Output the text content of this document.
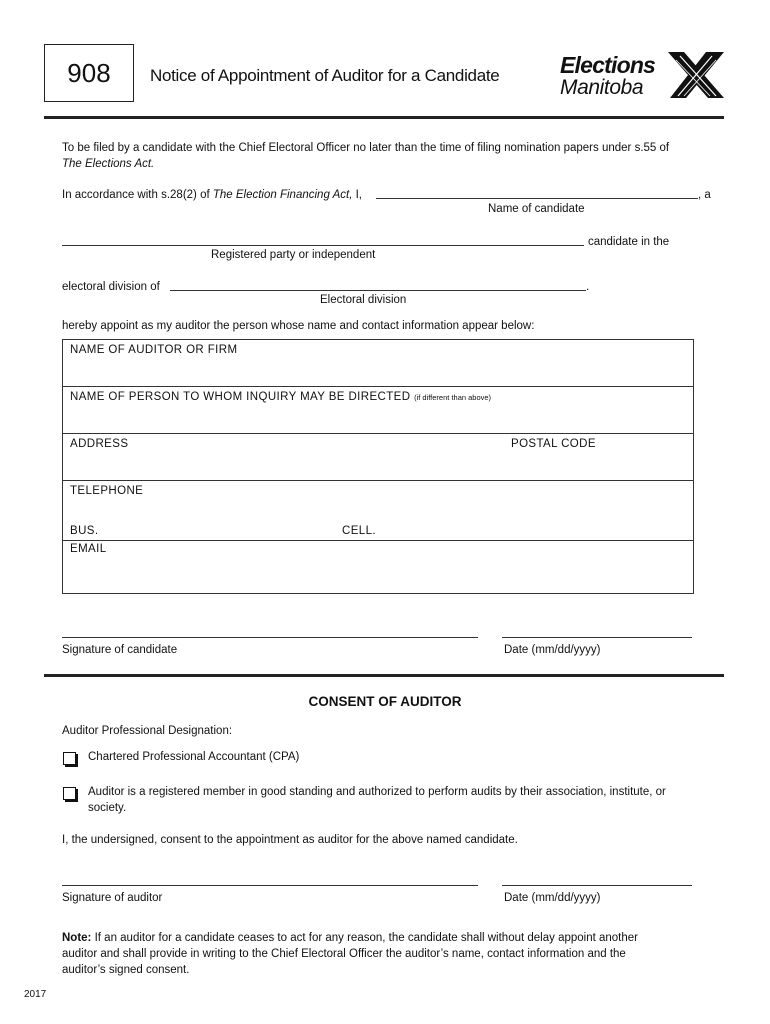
908	Notice of Appointment of Auditor for a Candidate	Elections
Manitoba
To be filed by a candidate with the Chief Electoral Officer no later than the time of filing nomination papers under s.55 of
The Elections Act.
In accordance with s.28(2) of The Election Financing Act, I,	, a
Name of candidate
candidate in the
Registered party or independent
electoral division of	.
Electoral division
hereby appoint as my auditor the person whose name and contact information appear below:
NAME OF AUDITOR OR FIRM
NAME OF PERSON TO WHOM INQUIRY MAY BE DIRECTED (if different than above)
ADDRESS	POSTAL CODE
TELEPHONE
BUS.	CELL.
EMAIL
Signature of candidate	Date (mm/dd/yyyy)
CONSENT OF AUDITOR
Auditor Professional Designation:
Chartered Professional Accountant (CPA)
Auditor is a registered member in good standing and authorized to perform audits by their association, institute, or
society.
I, the undersigned, consent to the appointment as auditor for the above named candidate.
Signature of auditor	Date (mm/dd/yyyy)
Note: If an auditor for a candidate ceases to act for any reason, the candidate shall without delay appoint another
auditor and shall provide in writing to the Chief Electoral Officer the auditor’s name, contact information and the
auditor’s signed consent.
2017
